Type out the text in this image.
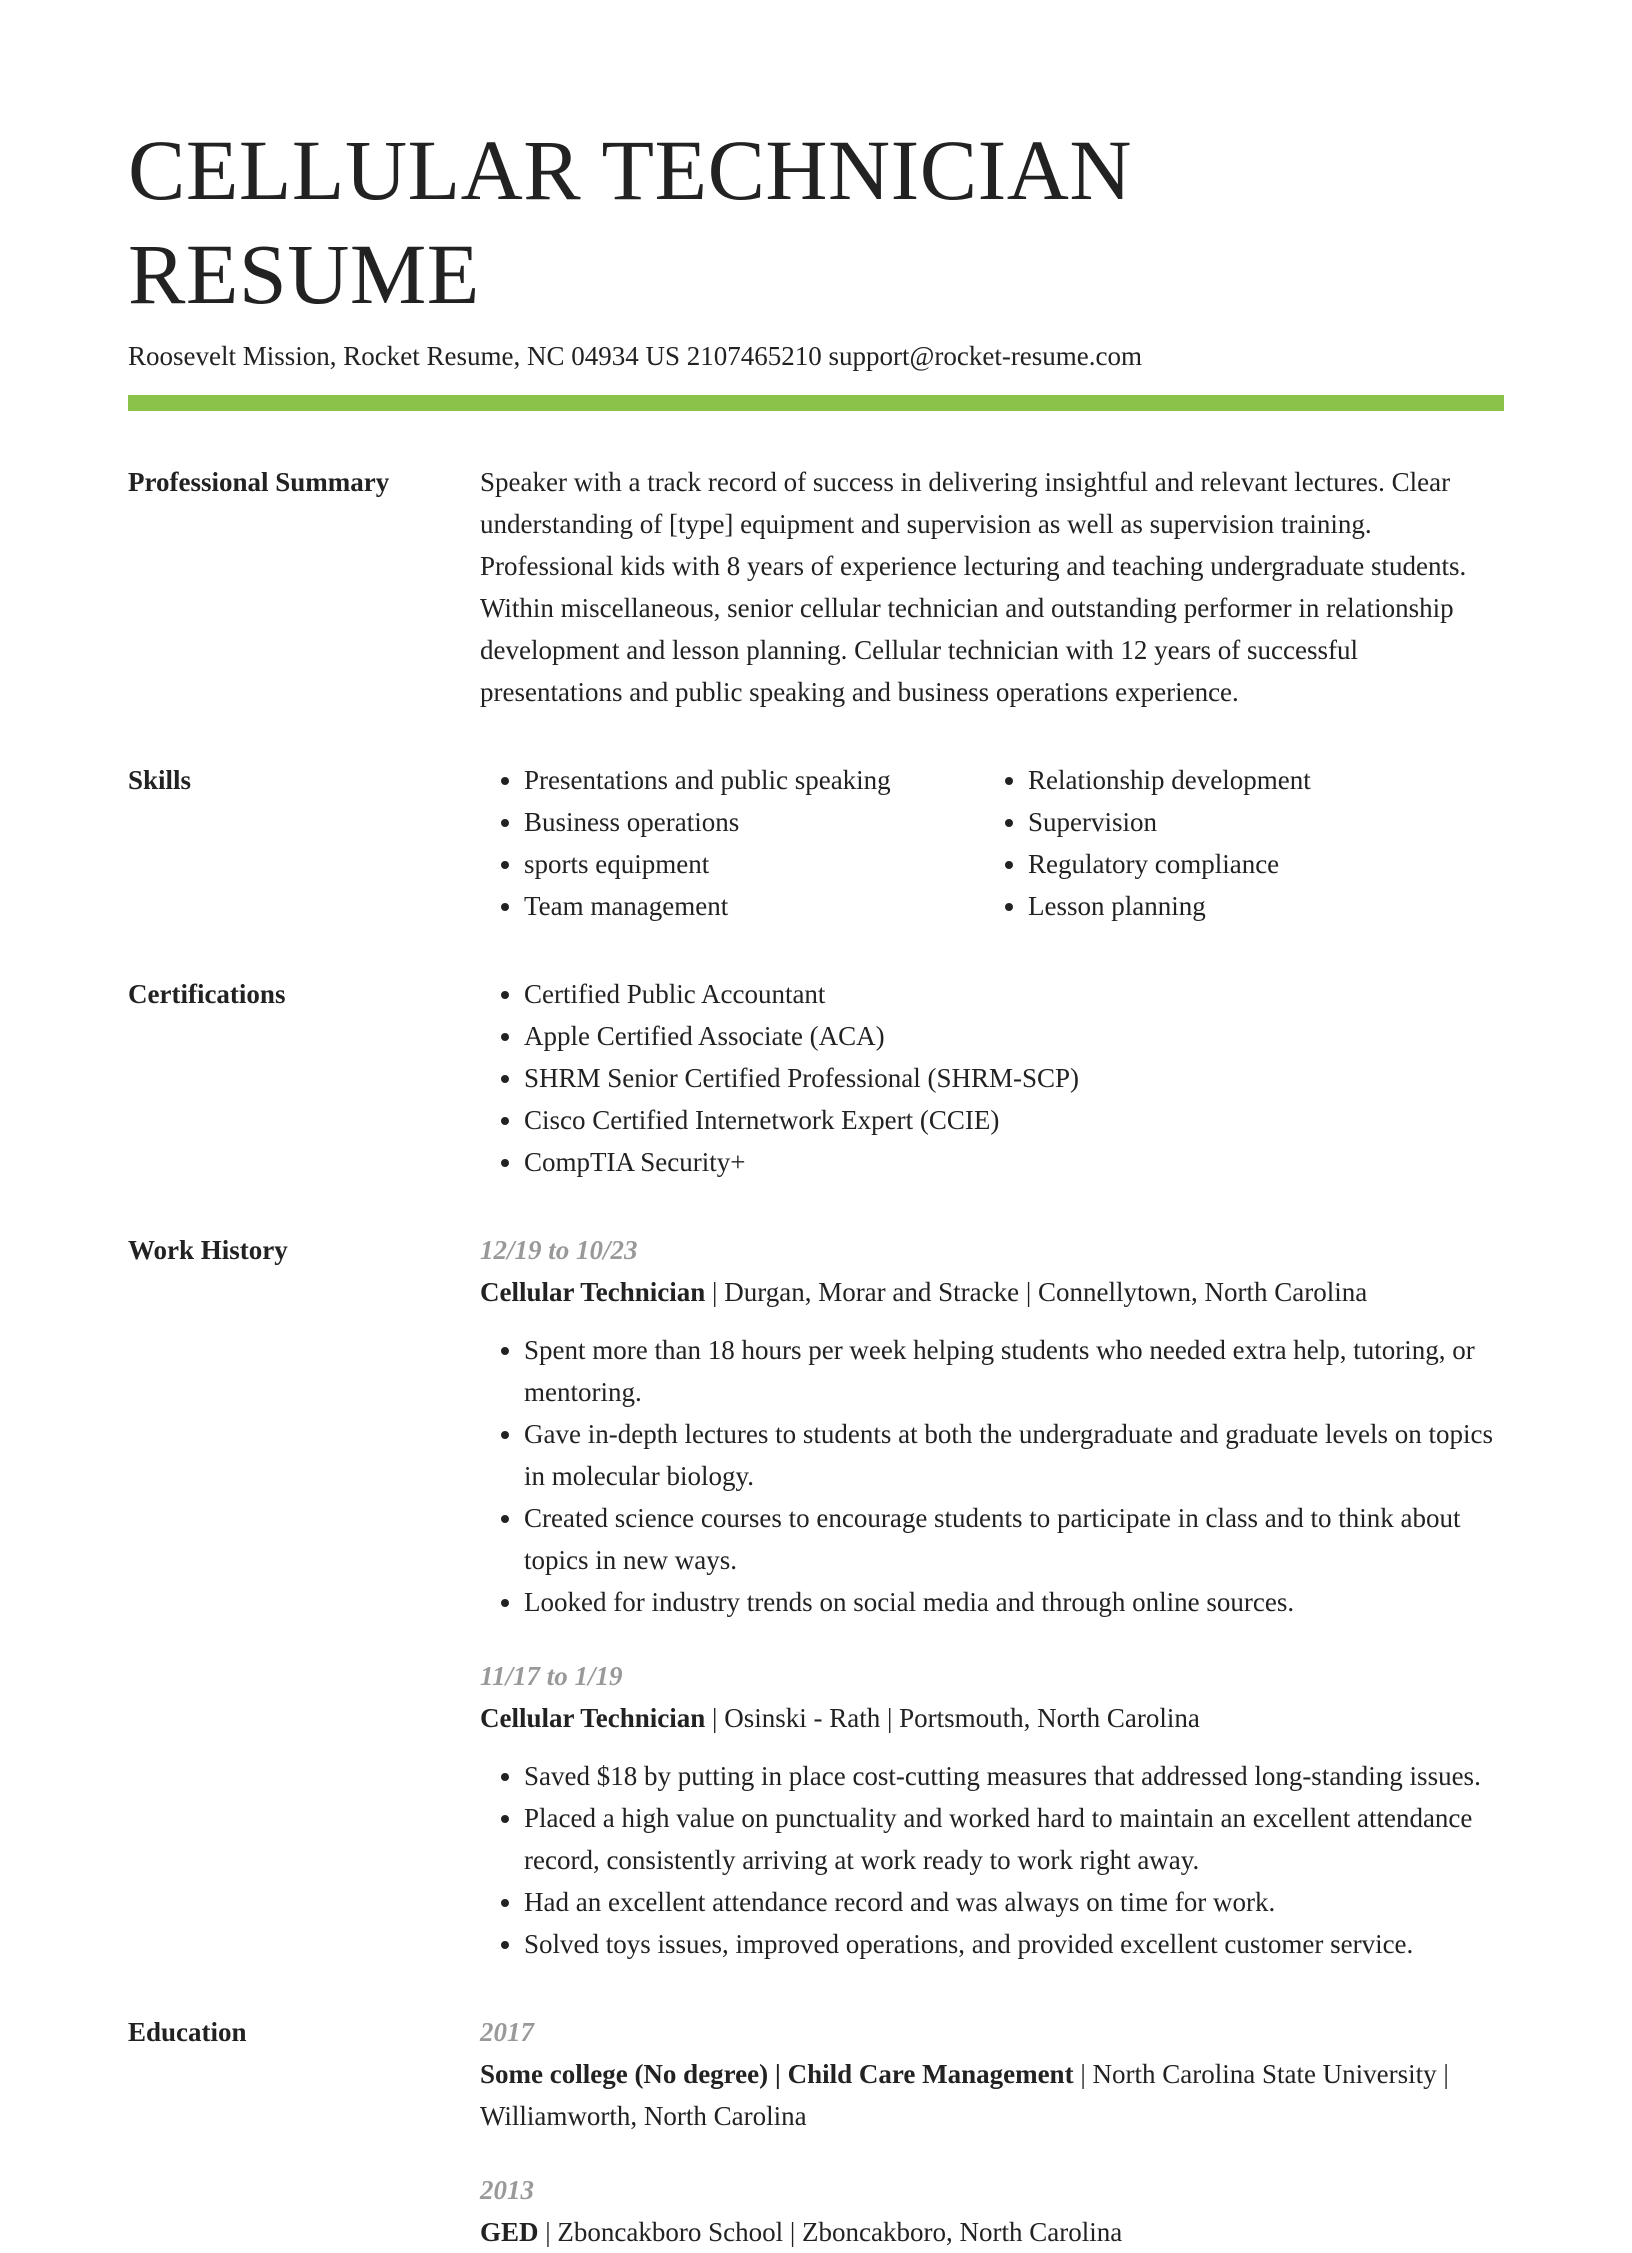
CELLULAR TECHNICIAN RESUME
Roosevelt Mission, Rocket Resume, NC 04934 US 2107465210 support@rocket-resume.com
Professional Summary	Speaker with a track record of success in delivering insightful and relevant lectures. Clear understanding of [type] equipment and supervision as well as supervision training. Professional kids with 8 years of experience lecturing and teaching undergraduate students. Within miscellaneous, senior cellular technician and outstanding performer in relationship development and lesson planning. Cellular technician with 12 years of successful presentations and public speaking and business operations experience.

Skills	• Presentations and public speaking
• Business operations
• sports equipment
• Team management
• Relationship development
• Supervision
• Regulatory compliance
• Lesson planning
Certifications	• Certified Public Accountant
• Apple Certified Associate (ACA)
• SHRM Senior Certified Professional (SHRM-SCP)
• Cisco Certified Internetwork Expert (CCIE)
• CompTIA Security+
Work History	12/19 to 10/23
Cellular Technician | Durgan, Morar and Stracke | Connellytown, North Carolina
• Spent more than 18 hours per week helping students who needed extra help, tutoring, or mentoring.
• Gave in-depth lectures to students at both the undergraduate and graduate levels on topics in molecular biology.
• Created science courses to encourage students to participate in class and to think about topics in new ways.
• Looked for industry trends on social media and through online sources.
11/17 to 1/19
Cellular Technician | Osinski - Rath | Portsmouth, North Carolina
• Saved $18 by putting in place cost-cutting measures that addressed long-standing issues.
• Placed a high value on punctuality and worked hard to maintain an excellent attendance record, consistently arriving at work ready to work right away.
• Had an excellent attendance record and was always on time for work.
• Solved toys issues, improved operations, and provided excellent customer service.
Education	2017
Some college (No degree) | Child Care Management | North Carolina State University | Williamworth, North Carolina
2013
GED | Zboncakboro School | Zboncakboro, North Carolina
